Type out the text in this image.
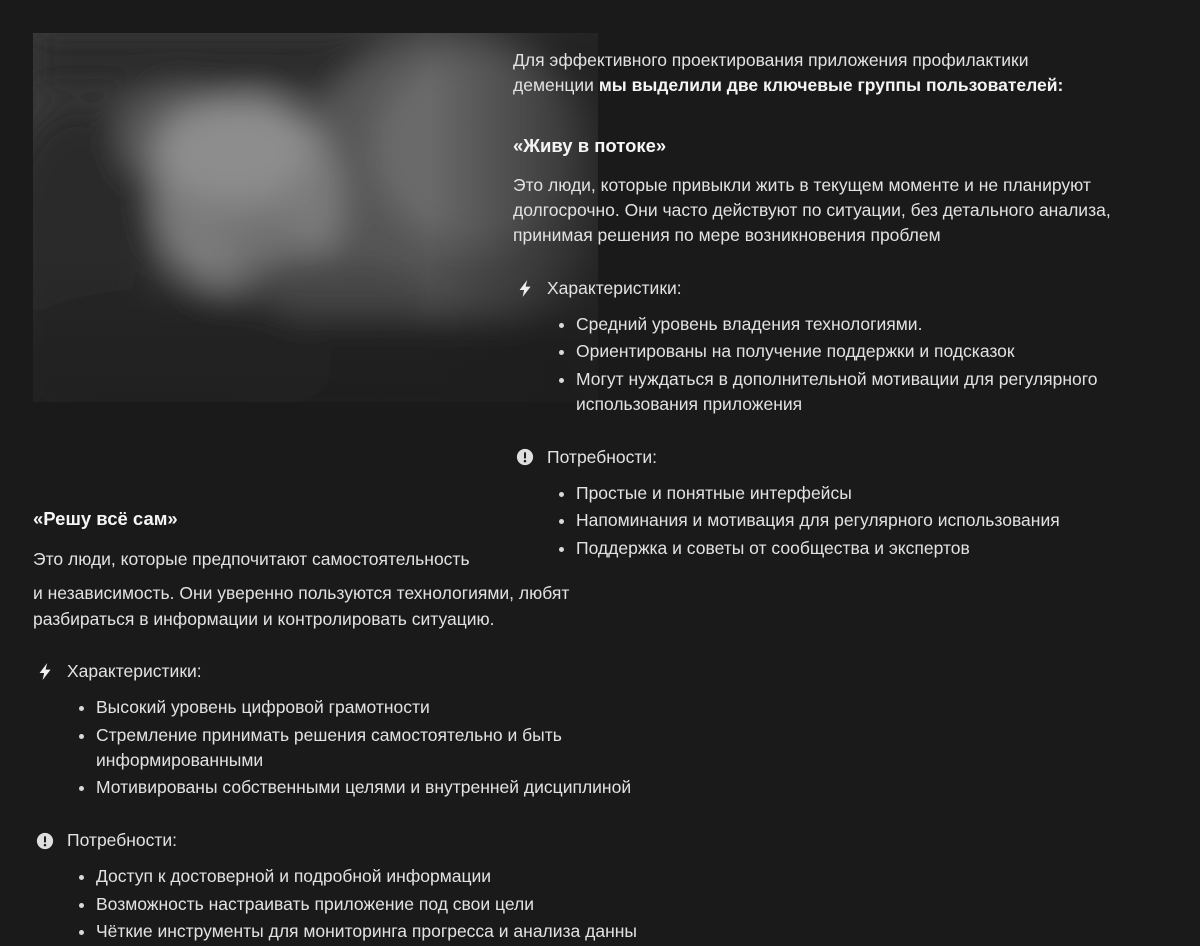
Для эффективного проектирования приложения профилактики деменции мы выделили две ключевые группы пользователей:

«Живу в потоке»

Это люди, которые привыкли жить в текущем моменте и не планируют долгосрочно. Они часто действуют по ситуации, без детального анализа, принимая решения по мере возникновения проблем

Характеристики:
• Средний уровень владения технологиями.
• Ориентированы на получение поддержки и подсказок
• Могут нуждаться в дополнительной мотивации для регулярного использования приложения
Потребности:
• Простые и понятные интерфейсы
• Напоминания и мотивация для регулярного использования
• Поддержка и советы от сообщества и экспертов

«Решу всё сам»

Это люди, которые предпочитают самостоятельность

и независимость. Они уверенно пользуются технологиями, любят разбираться в информации и контролировать ситуацию.

Характеристики:
• Высокий уровень цифровой грамотности
• Стремление принимать решения самостоятельно и быть информированными
• Мотивированы собственными целями и внутренней дисциплиной
Потребности:
• Доступ к достоверной и подробной информации
• Возможность настраивать приложение под свои цели
• Чёткие инструменты для мониторинга прогресса и анализа данны
